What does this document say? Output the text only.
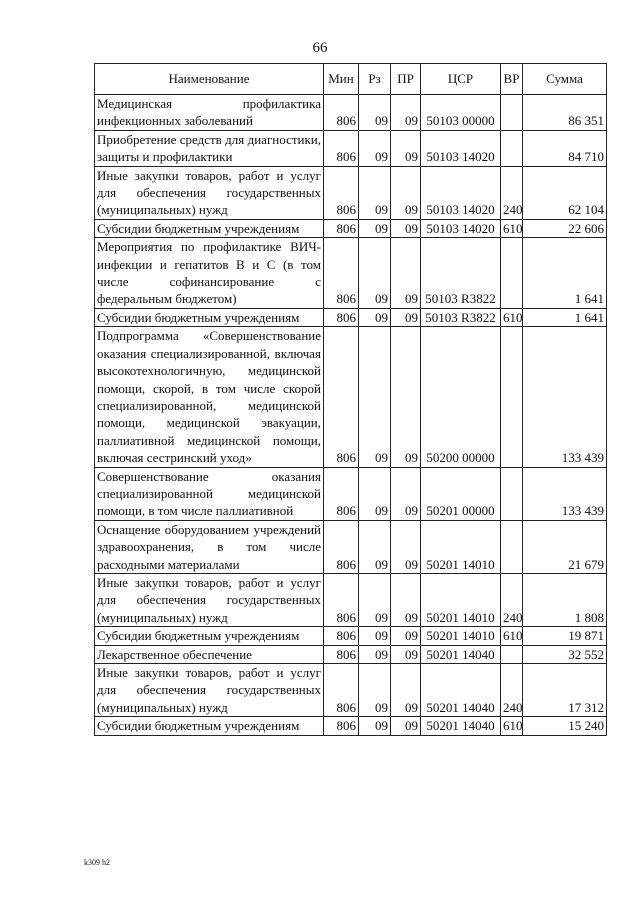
66
Наименование	Мин	Рз	ПР	ЦСР	ВР	Сумма
Медицинская профилактика инфекционных заболеваний	806	09	09	50103 00000		86 351
Приобретение средств для диагностики, защиты и профилактики	806	09	09	50103 14020		84 710
Иные закупки товаров, работ и услуг для обеспечения государственных (муниципальных) нужд	806	09	09	50103 14020	240	62 104
Субсидии бюджетным учреждениям	806	09	09	50103 14020	610	22 606
Мероприятия по профилактике ВИЧ-инфекции и гепатитов В и С (в том числе софинансирование с федеральным бюджетом)	806	09	09	50103 R3822		1 641
Субсидии бюджетным учреждениям	806	09	09	50103 R3822	610	1 641
Подпрограмма «Совершенствование оказания специализированной, включая высокотехнологичную, медицинской помощи, скорой, в том числе скорой специализированной, медицинской помощи, медицинской эвакуации, паллиативной медицинской помощи, включая сестринский уход»	806	09	09	50200 00000		133 439
Совершенствование оказания специализированной медицинской помощи, в том числе паллиативной	806	09	09	50201 00000		133 439
Оснащение оборудованием учреждений здравоохранения, в том числе расходными материалами	806	09	09	50201 14010		21 679
Иные закупки товаров, работ и услуг для обеспечения государственных (муниципальных) нужд	806	09	09	50201 14010	240	1 808
Субсидии бюджетным учреждениям	806	09	09	50201 14010	610	19 871
Лекарственное обеспечение	806	09	09	50201 14040		32 552
Иные закупки товаров, работ и услуг для обеспечения государственных (муниципальных) нужд	806	09	09	50201 14040	240	17 312
Субсидии бюджетным учреждениям	806	09	09	50201 14040	610	15 240
k309 h2
